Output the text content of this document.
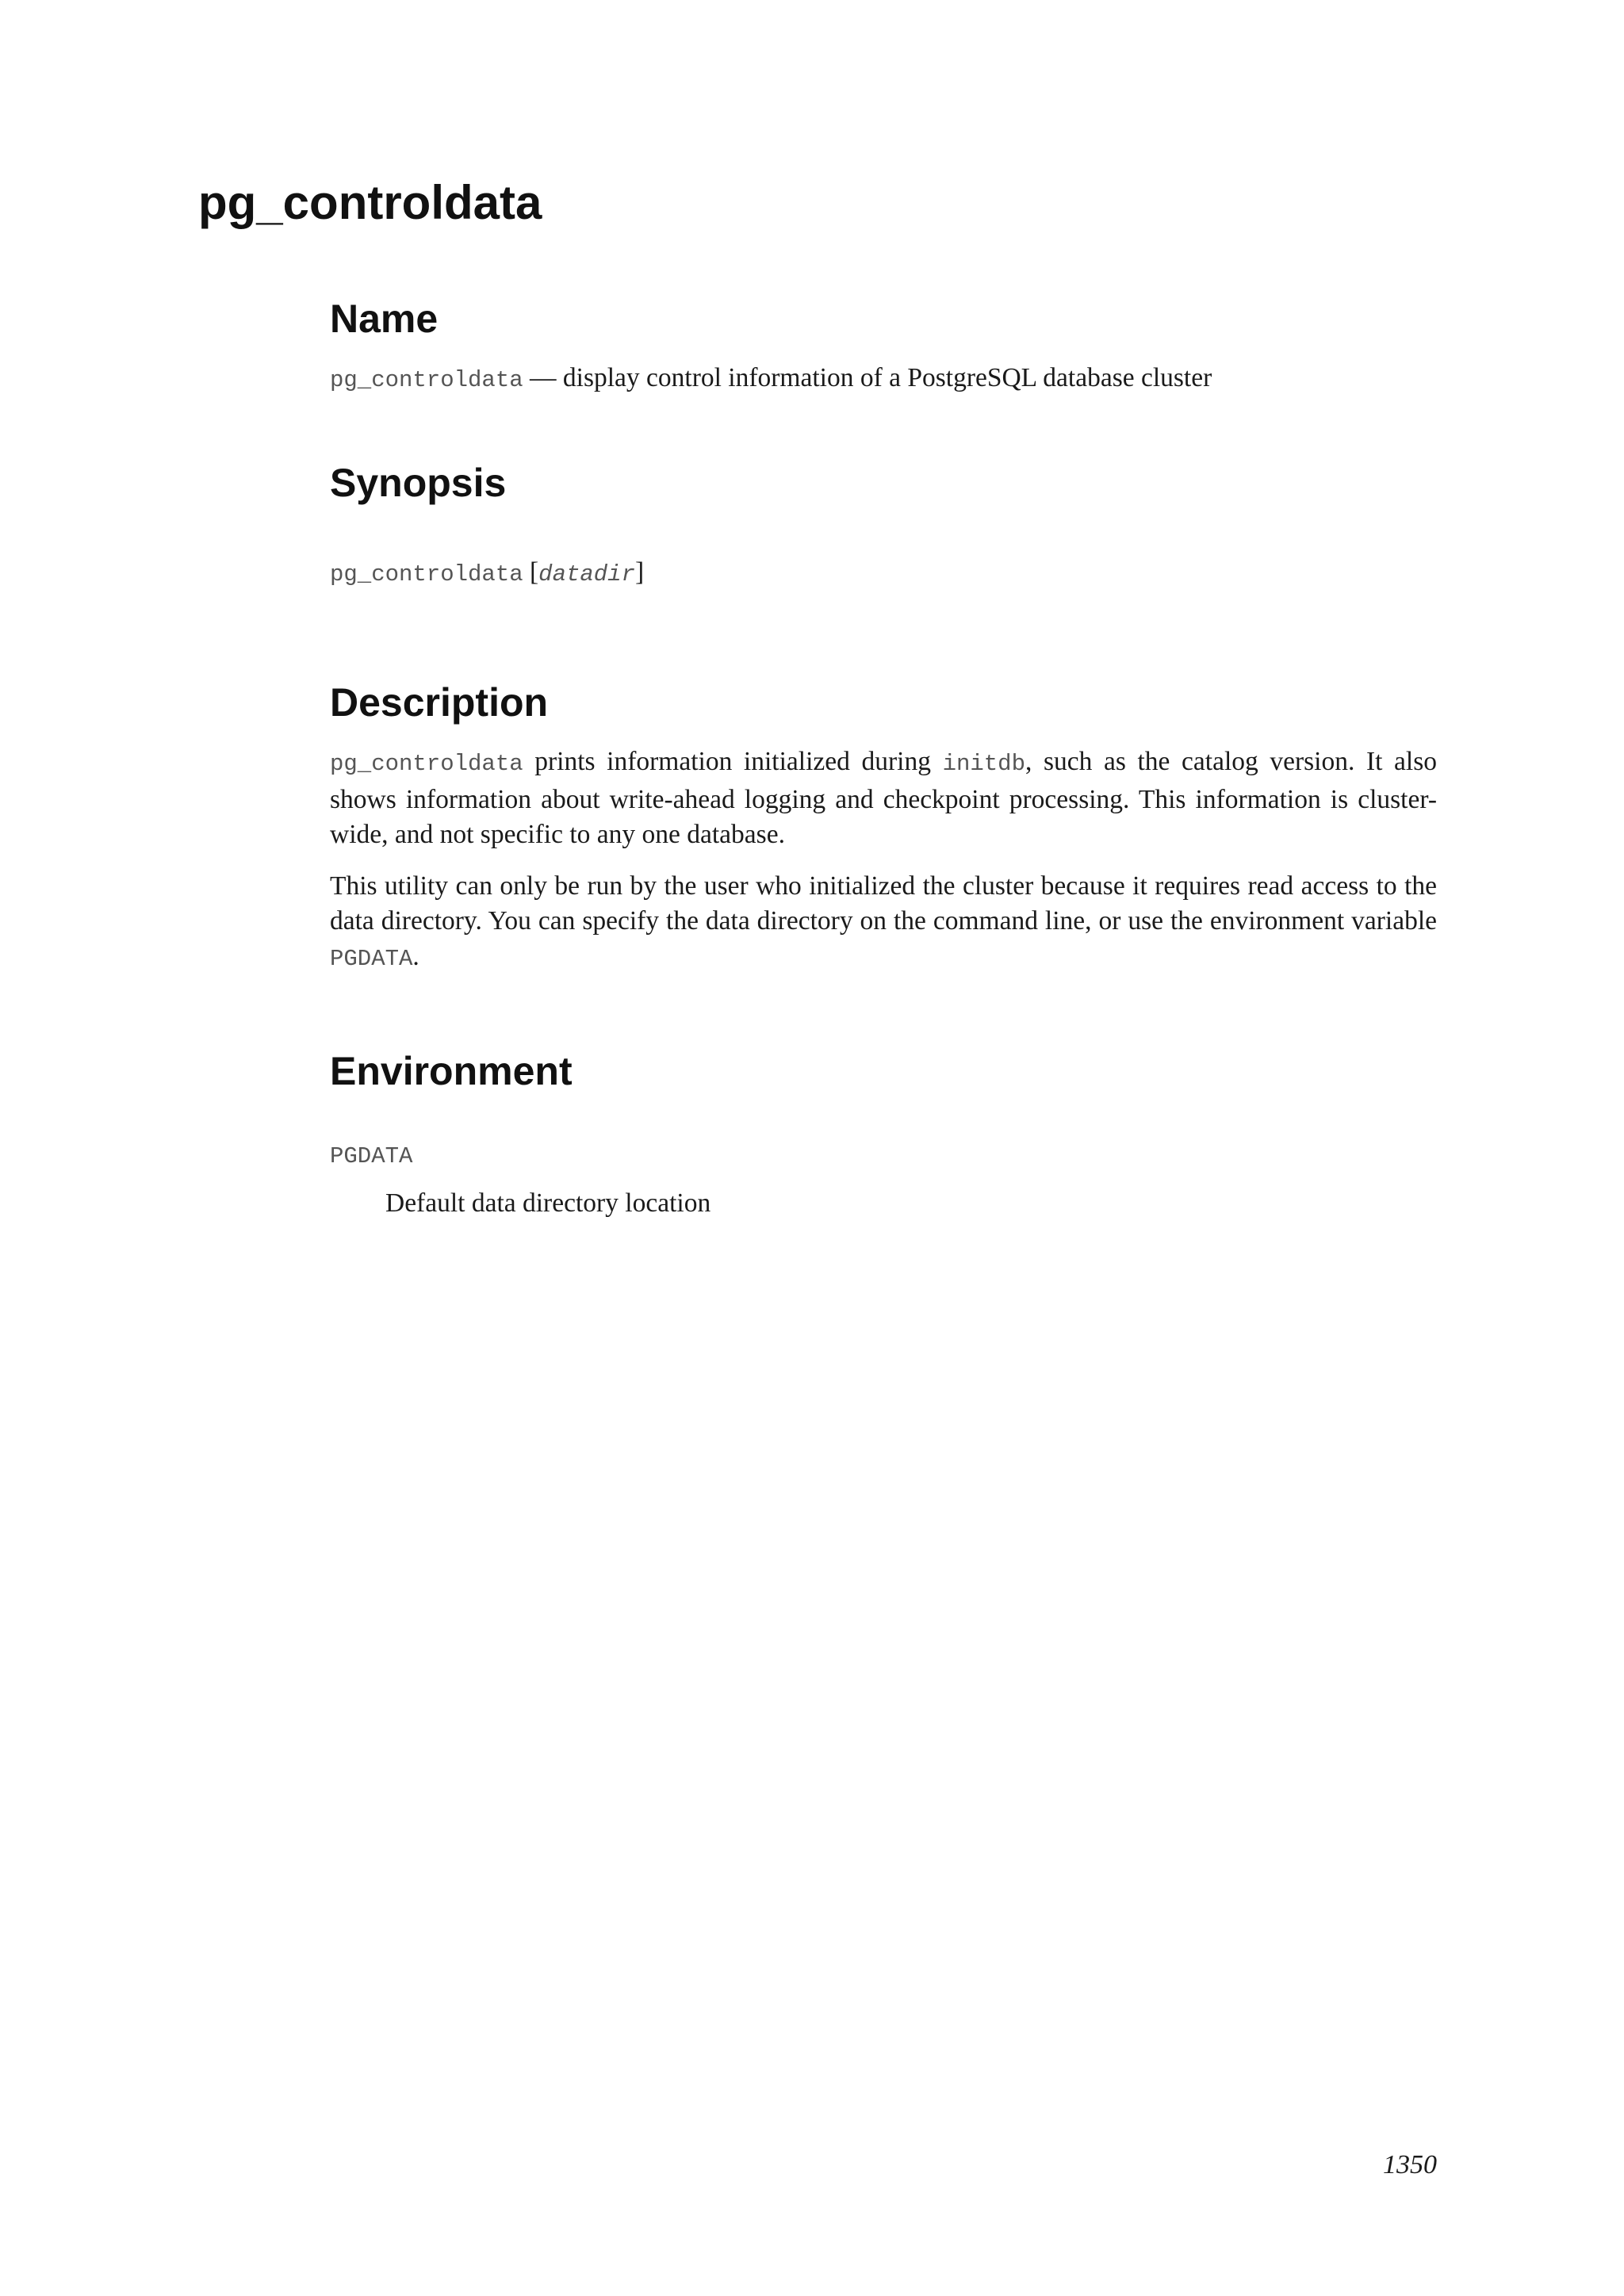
pg_controldata
Name

pg_controldata — display control information of a PostgreSQL database cluster

Synopsis

pg_controldata [datadir]

Description

pg_controldata prints information initialized during initdb, such as the catalog version. It also shows information about write-ahead logging and checkpoint processing. This information is cluster-wide, and not specific to any one database.

This utility can only be run by the user who initialized the cluster because it requires read access to the data directory. You can specify the data directory on the command line, or use the environment variable PGDATA.

Environment

PGDATA

Default data directory location

1350
